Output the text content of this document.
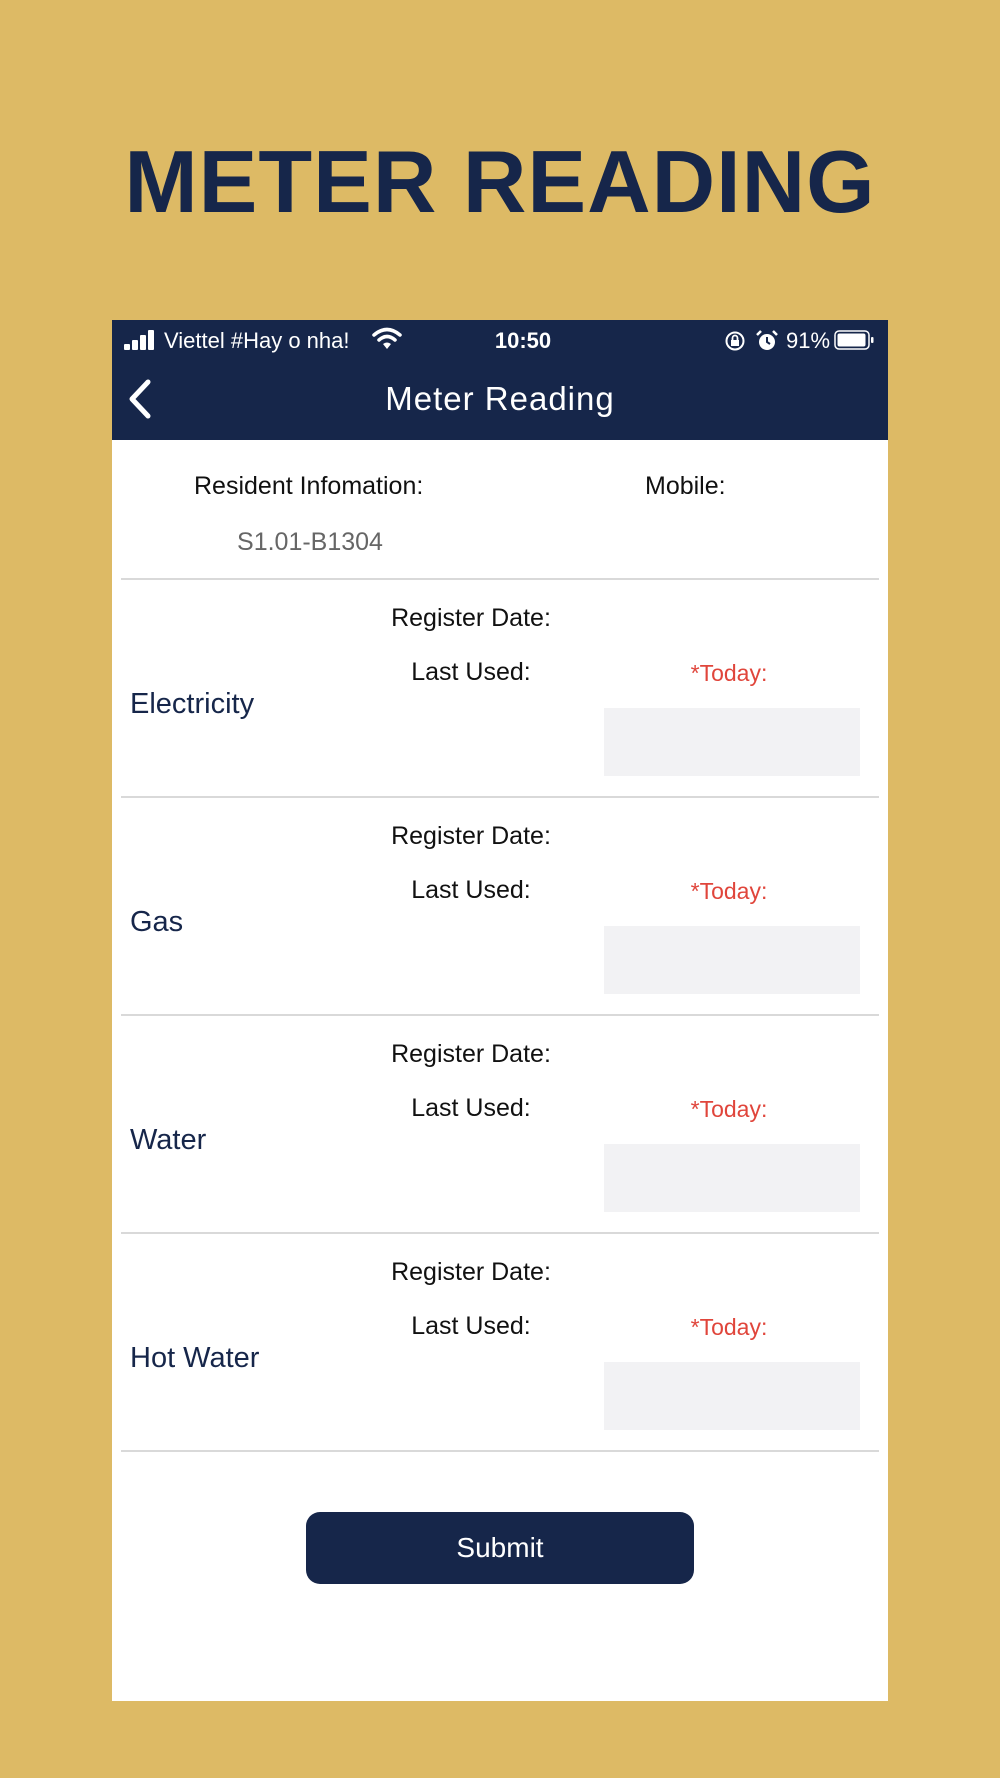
METER READING
Viettel #Hay o nha!	10:50	91%
Meter Reading
Resident Infomation:
S1.01-B1304
Mobile:
Electricity
Register Date:
Last Used:	*Today:
Gas
Register Date:
Last Used:	*Today:
Water
Register Date:
Last Used:	*Today:
Hot Water
Register Date:
Last Used:	*Today:
Submit
